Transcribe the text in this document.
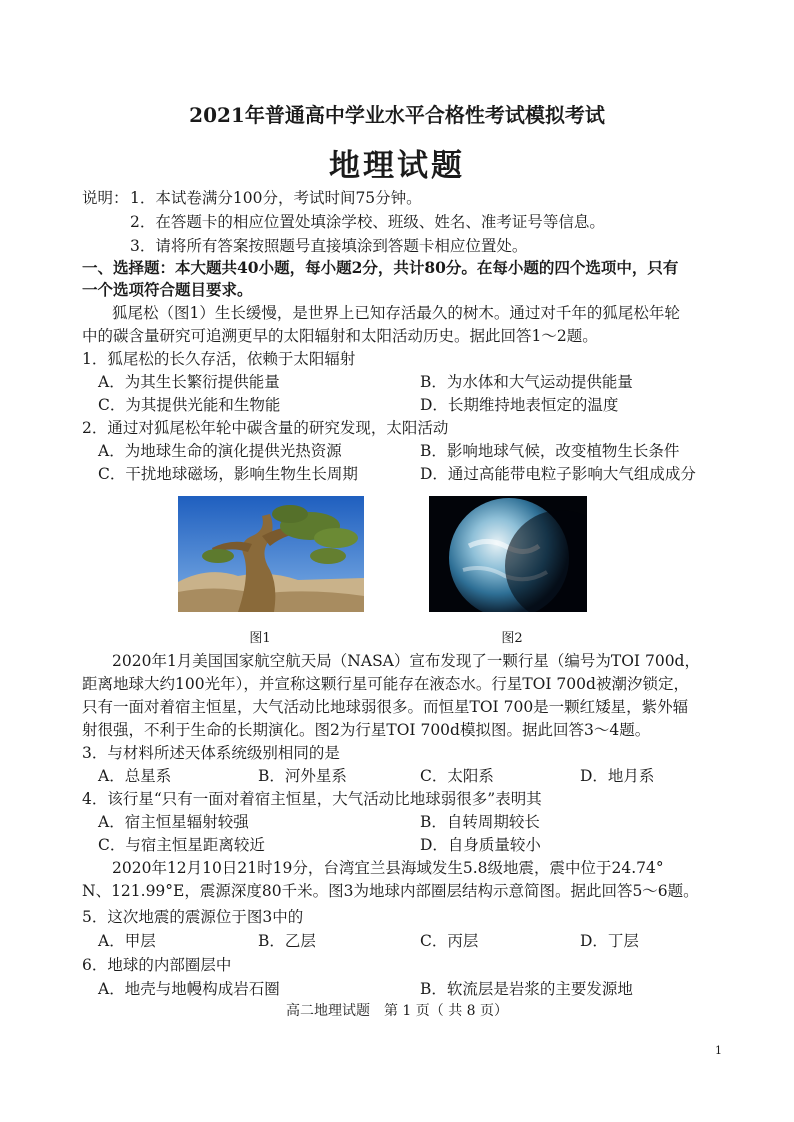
2021年普通高中学业水平合格性考试模拟考试
地理试题
说明： 1．本试卷满分100分，考试时间75分钟。
2．在答题卡的相应位置处填涂学校、班级、姓名、准考证号等信息。
3．请将所有答案按照题号直接填涂到答题卡相应位置处。
一、选择题：本大题共40小题，每小题2分，共计80分。在每小题的四个选项中，只有
一个选项符合题目要求。
狐尾松（图1）生长缓慢，是世界上已知存活最久的树木。通过对千年的狐尾松年轮
中的碳含量研究可追溯更早的太阳辐射和太阳活动历史。据此回答1～2题。
1．狐尾松的长久存活，依赖于太阳辐射
A．为其生长繁衍提供能量	B．为水体和大气运动提供能量
C．为其提供光能和生物能	D．长期维持地表恒定的温度
2．通过对狐尾松年轮中碳含量的研究发现，太阳活动
A．为地球生命的演化提供光热资源	B．影响地球气候，改变植物生长条件
C．干扰地球磁场，影响生物生长周期	D．通过高能带电粒子影响大气组成成分
图1	图2
2020年1月美国国家航空航天局（NASA）宣布发现了一颗行星（编号为TOI 700d，
距离地球大约100光年），并宣称这颗行星可能存在液态水。行星TOI 700d被潮汐锁定，
只有一面对着宿主恒星，大气活动比地球弱很多。而恒星TOI 700是一颗红矮星，紫外辐
射很强，不利于生命的长期演化。图2为行星TOI 700d模拟图。据此回答3～4题。
3．与材料所述天体系统级别相同的是
A．总星系	B．河外星系	C．太阳系	D．地月系
4．该行星“只有一面对着宿主恒星，大气活动比地球弱很多”表明其
A．宿主恒星辐射较强	B．自转周期较长
C．与宿主恒星距离较近	D．自身质量较小
2020年12月10日21时19分，台湾宜兰县海域发生5.8级地震，震中位于24.74°
N、121.99°E，震源深度80千米。图3为地球内部圈层结构示意简图。据此回答5～6题。
5．这次地震的震源位于图3中的
A．甲层	B．乙层	C．丙层	D．丁层
6．地球的内部圈层中
A．地壳与地幔构成岩石圈	B．软流层是岩浆的主要发源地
高二地理试题　第 1 页（ 共 8 页）
1
